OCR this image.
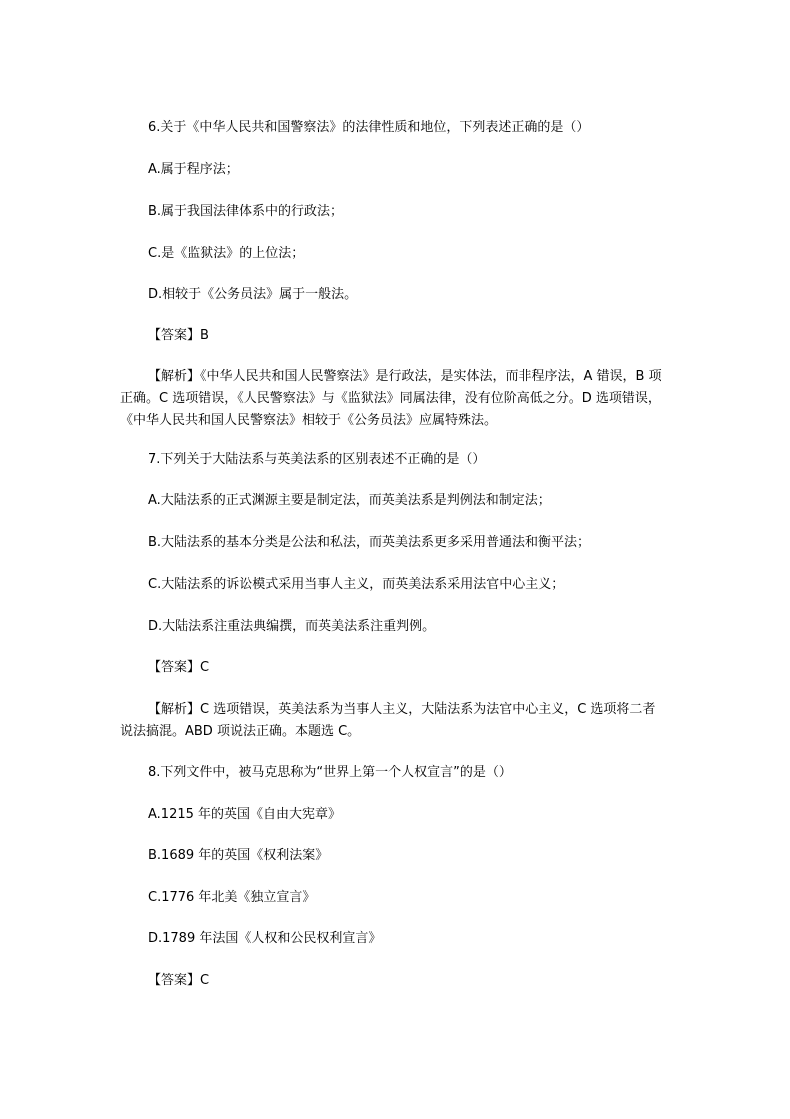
6.关于《中华人民共和国警察法》的法律性质和地位，下列表述正确的是（）
A.属于程序法；
B.属于我国法律体系中的行政法；
C.是《监狱法》的上位法；
D.相较于《公务员法》属于一般法。
【答案】B
【解析】《中华人民共和国人民警察法》是行政法，是实体法，而非程序法，A 错误，B 项正确。C 选项错误，《人民警察法》与《监狱法》同属法律，没有位阶高低之分。D 选项错误，《中华人民共和国人民警察法》相较于《公务员法》应属特殊法。
7.下列关于大陆法系与英美法系的区别表述不正确的是（）
A.大陆法系的正式渊源主要是制定法，而英美法系是判例法和制定法；
B.大陆法系的基本分类是公法和私法，而英美法系更多采用普通法和衡平法；
C.大陆法系的诉讼模式采用当事人主义，而英美法系采用法官中心主义；
D.大陆法系注重法典编撰，而英美法系注重判例。
【答案】C
【解析】C 选项错误，英美法系为当事人主义，大陆法系为法官中心主义，C 选项将二者说法搞混。ABD 项说法正确。本题选 C。
8.下列文件中，被马克思称为“世界上第一个人权宣言”的是（）
A.1215 年的英国《自由大宪章》
B.1689 年的英国《权利法案》
C.1776 年北美《独立宣言》
D.1789 年法国《人权和公民权利宣言》
【答案】C
